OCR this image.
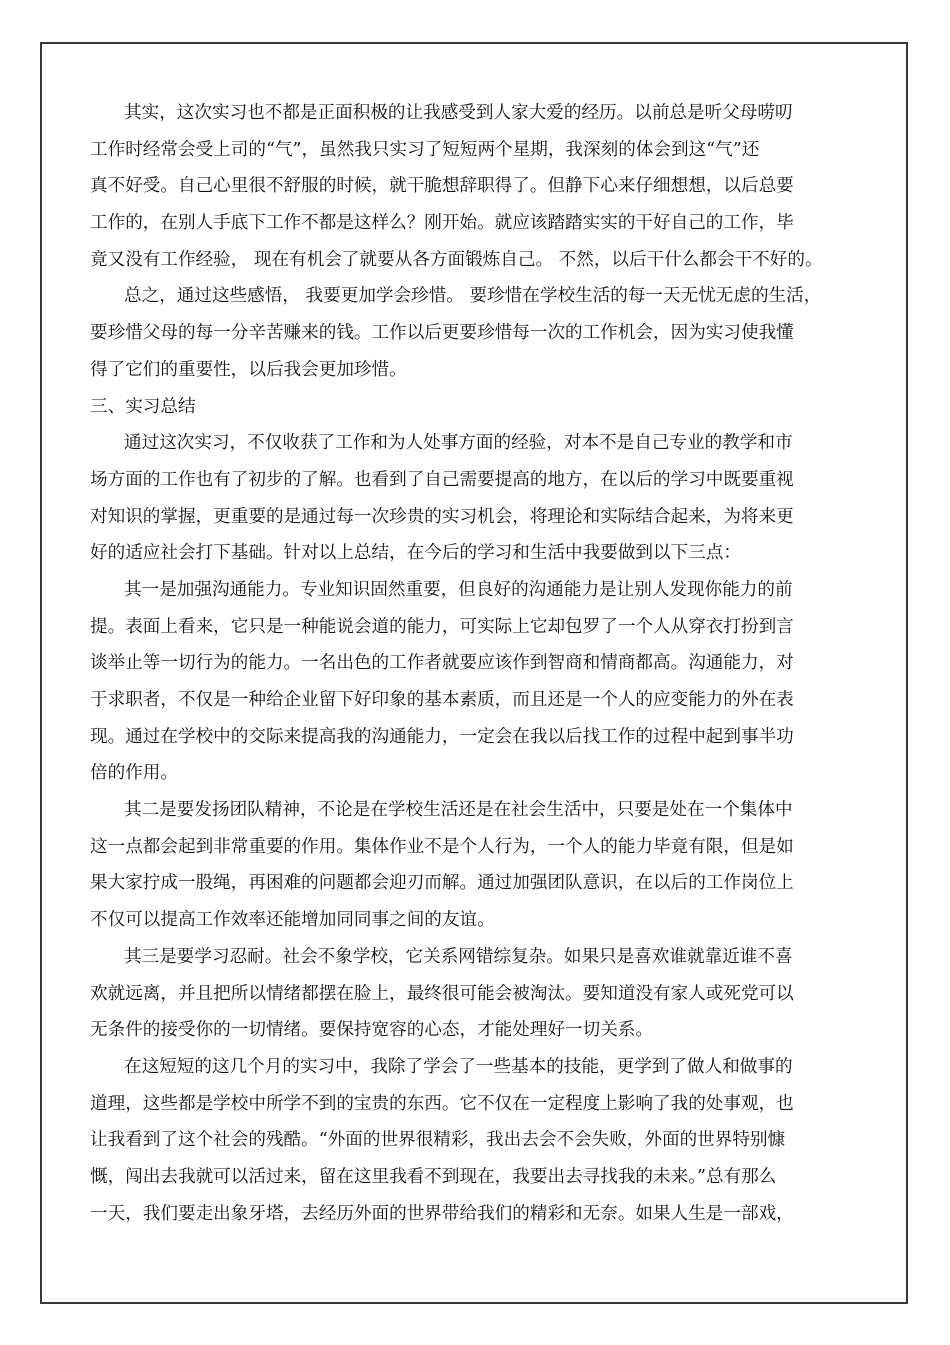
其实，这次实习也不都是正面积极的让我感受到人家大爱的经历。以前总是听父母唠叨
工作时经常会受上司的“气”，虽然我只实习了短短两个星期，我深刻的体会到这“气”还
真不好受。自己心里很不舒服的时候，就干脆想辞职得了。但静下心来仔细想想，以后总要
工作的，在别人手底下工作不都是这样么？刚开始。就应该踏踏实实的干好自己的工作，毕
竟又没有工作经验， 现在有机会了就要从各方面锻炼自己。 不然，以后干什么都会干不好的。
总之，通过这些感悟， 我要更加学会珍惜。 要珍惜在学校生活的每一天无忧无虑的生活，
要珍惜父母的每一分辛苦赚来的钱。工作以后更要珍惜每一次的工作机会，因为实习使我懂
得了它们的重要性，以后我会更加珍惜。
三、实习总结
通过这次实习，不仅收获了工作和为人处事方面的经验，对本不是自己专业的教学和市
场方面的工作也有了初步的了解。也看到了自己需要提高的地方，在以后的学习中既要重视
对知识的掌握，更重要的是通过每一次珍贵的实习机会，将理论和实际结合起来，为将来更
好的适应社会打下基础。针对以上总结，在今后的学习和生活中我要做到以下三点：
其一是加强沟通能力。专业知识固然重要，但良好的沟通能力是让别人发现你能力的前
提。表面上看来，它只是一种能说会道的能力，可实际上它却包罗了一个人从穿衣打扮到言
谈举止等一切行为的能力。一名出色的工作者就要应该作到智商和情商都高。沟通能力，对
于求职者，不仅是一种给企业留下好印象的基本素质，而且还是一个人的应变能力的外在表
现。通过在学校中的交际来提高我的沟通能力，一定会在我以后找工作的过程中起到事半功
倍的作用。
其二是要发扬团队精神，不论是在学校生活还是在社会生活中，只要是处在一个集体中
这一点都会起到非常重要的作用。集体作业不是个人行为，一个人的能力毕竟有限，但是如
果大家拧成一股绳，再困难的问题都会迎刃而解。通过加强团队意识，在以后的工作岗位上
不仅可以提高工作效率还能增加同同事之间的友谊。
其三是要学习忍耐。社会不象学校，它关系网错综复杂。如果只是喜欢谁就靠近谁不喜
欢就远离，并且把所以情绪都摆在脸上，最终很可能会被淘汰。要知道没有家人或死党可以
无条件的接受你的一切情绪。要保持宽容的心态，才能处理好一切关系。
在这短短的这几个月的实习中，我除了学会了一些基本的技能，更学到了做人和做事的
道理，这些都是学校中所学不到的宝贵的东西。它不仅在一定程度上影响了我的处事观，也
让我看到了这个社会的残酷。“外面的世界很精彩，我出去会不会失败，外面的世界特别慷
慨，闯出去我就可以活过来，留在这里我看不到现在，我要出去寻找我的未来。”总有那么
一天，我们要走出象牙塔，去经历外面的世界带给我们的精彩和无奈。如果人生是一部戏，
